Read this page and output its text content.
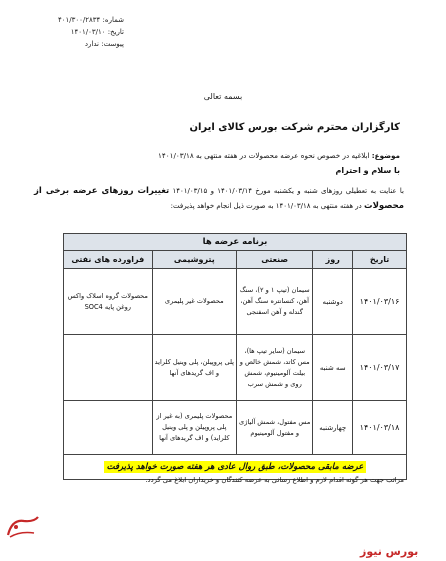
شماره: ۴۰۱/۳۰۰/۲۸۳۴
تاریخ: ۱۴۰۱/۰۳/۱۰
پیوست: ندارد
بسمه تعالی
کارگزاران محترم شرکت بورس کالای ایران
موضوع: ابلاغیه در خصوص نحوه عرضه محصولات در هفته منتهی به ۱۴۰۱/۰۳/۱۸
با سلام و احترام
با عنایت به تعطیلی روزهای شنبه و یکشنبه مورخ ۱۴۰۱/۰۳/۱۴ و ۱۴۰۱/۰۳/۱۵ تغییرات روزهای عرضه برخی از محصولات در هفته منتهی به ۱۴۰۱/۰۳/۱۸ به صورت ذیل انجام خواهد پذیرفت:
برنامه عرضه ها				
تاریخ	روز	صنعتی	پتروشیمی	فراورده های نفتی
۱۴۰۱/۰۳/۱۶	دوشنبه	سیمان (تیپ ۱ و ۲)، سنگ آهن، کنسانتره سنگ آهن، گندله و آهن اسفنجی	محصولات غیر پلیمری	محصولات گروه اسلاک واکس روغن پایه SOC4
۱۴۰۱/۰۳/۱۷	سه شنبه	سیمان (سایر تیپ ها)، مس کاتد، شمش خالص و بیلت آلومینیوم، شمش روی و شمش سرب	پلی پروپیلن، پلی وینیل کلراید و اف گریدهای آنها	
۱۴۰۱/۰۳/۱۸	چهارشنبه	مس مفتول، شمش آلیاژی و مفتول آلومینیوم	محصولات پلیمری (به غیر از پلی پروپیلن و پلی وینیل کلراید) و اف گریدهای آنها	
عرضه مابقی محصولات، طبق روال عادی هر هفته صورت خواهد پذیرفت				
مراتب جهت هر گونه اقدام لازم و اطلاع رسانی به عرضه کنندگان و خریداران ابلاغ می گردد.
بورس نیوز
